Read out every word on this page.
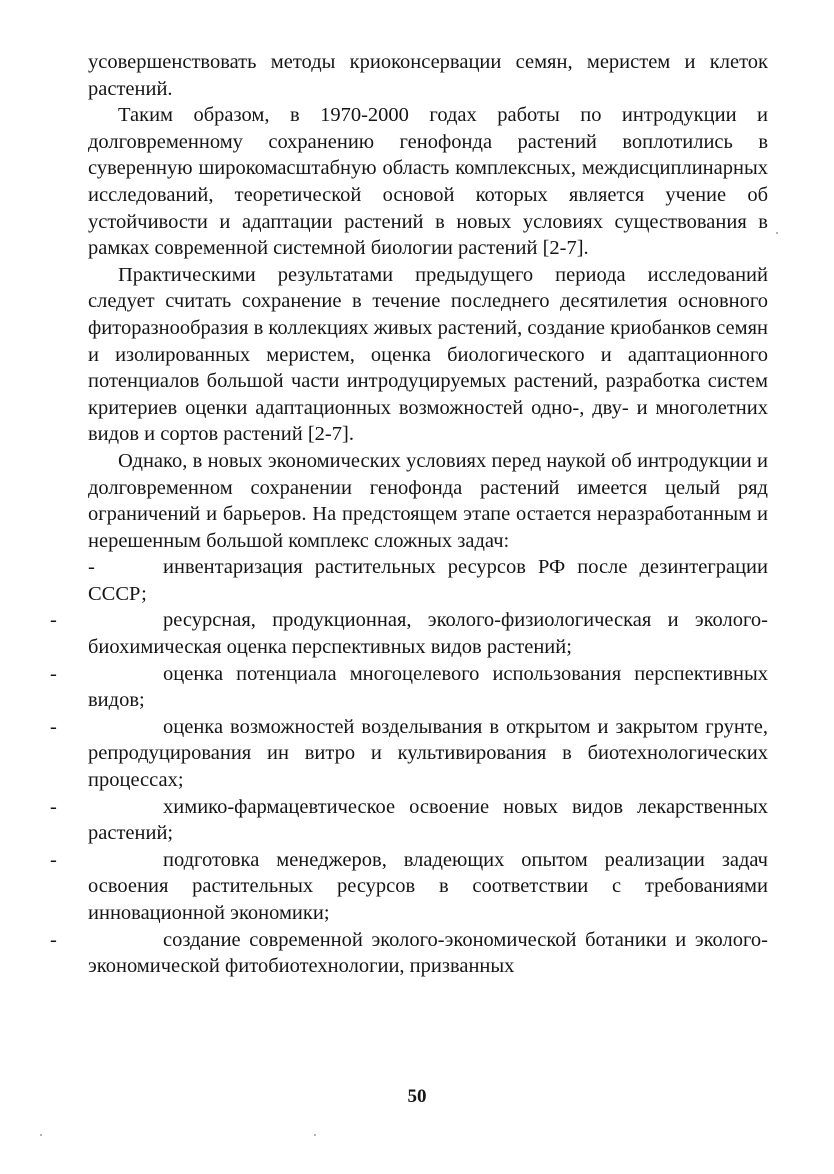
усовершенствовать методы криоконсервации семян, меристем и клеток растений.

Таким образом, в 1970-2000 годах работы по интродукции и долговременному сохранению генофонда растений воплотились в суверенную широкомасштабную область комплексных, междисциплинарных исследований, теоретической основой которых является учение об устойчивости и адаптации растений в новых условиях существования в рамках современной системной биологии растений [2-7].

Практическими результатами предыдущего периода исследований следует считать сохранение в течение последнего десятилетия основного фиторазнообразия в коллекциях живых растений, создание криобанков семян и изолированных меристем, оценка биологического и адаптационного потенциалов большой части интродуцируемых растений, разработка систем критериев оценки адаптационных возможностей одно-, дву- и многолетних видов и сортов растений [2-7].

Однако, в новых экономических условиях перед наукой об интродукции и долговременном сохранении генофонда растений имеется целый ряд ограничений и барьеров. На предстоящем этапе остается неразработанным и нерешенным большой комплекс сложных задач:

-	инвентаризация растительных ресурсов РФ после дезинтеграции СССР;
-	ресурсная, продукционная, эколого-физиологическая и эколого-биохимическая оценка перспективных видов растений;
-	оценка потенциала многоцелевого использования перспективных видов;
-	оценка возможностей возделывания в открытом и закрытом грунте, репродуцирования ин витро и культивирования в биотехнологических процессах;
-	химико-фармацевтическое освоение новых видов лекарственных растений;
-	подготовка менеджеров, владеющих опытом реализации задач освоения растительных ресурсов в соответствии с требованиями инновационной экономики;
-	создание современной эколого-экономической ботаники и эколого-экономической фитобиотехнологии, призванных
50
